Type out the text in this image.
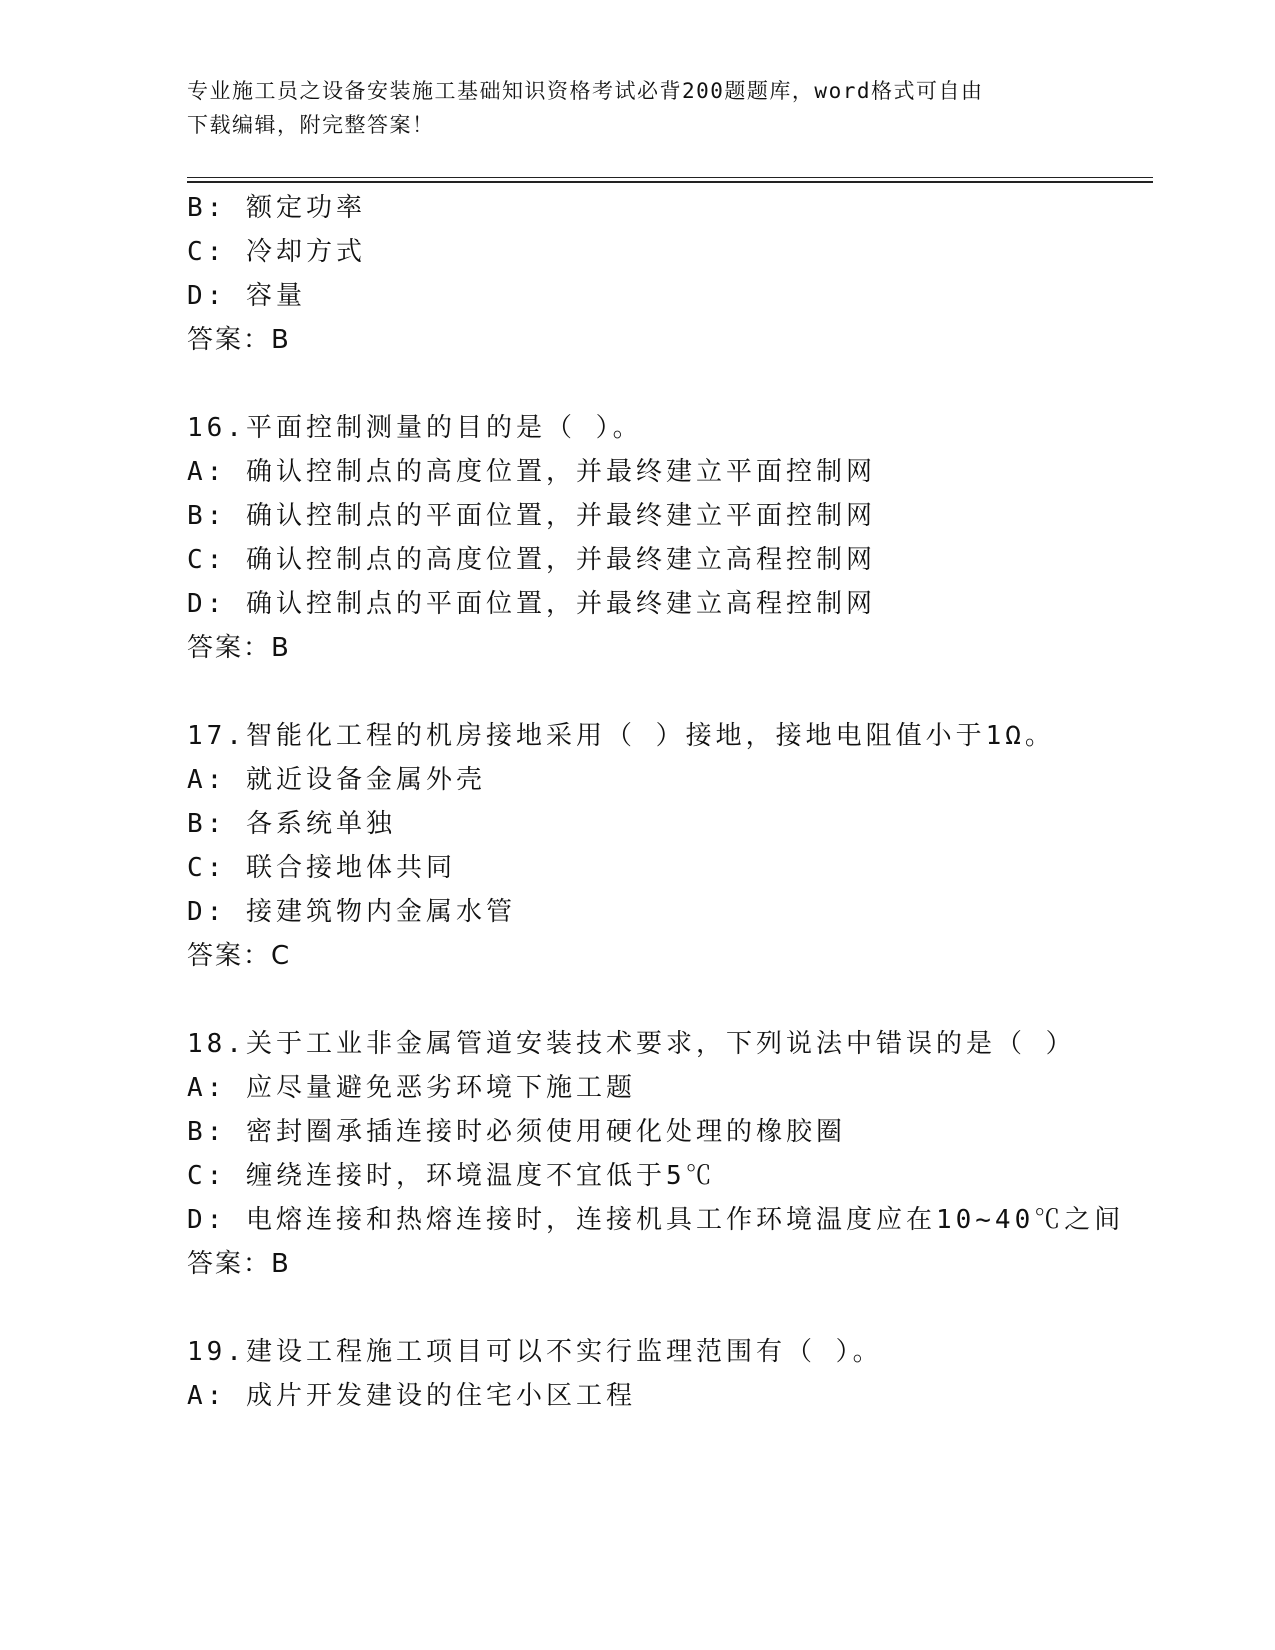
专业施工员之设备安装施工基础知识资格考试必背200题题库，word格式可自由
下载编辑，附完整答案！
B: 额定功率
C: 冷却方式
D: 容量
答案：B
16.平面控制测量的目的是（ ）。
A: 确认控制点的高度位置，并最终建立平面控制网
B: 确认控制点的平面位置，并最终建立平面控制网
C: 确认控制点的高度位置，并最终建立高程控制网
D: 确认控制点的平面位置，并最终建立高程控制网
答案：B
17.智能化工程的机房接地采用（ ）接地，接地电阻值小于1Ω。
A: 就近设备金属外壳
B: 各系统单独
C: 联合接地体共同
D: 接建筑物内金属水管
答案：C
18.关于工业非金属管道安装技术要求，下列说法中错误的是（ ）
A: 应尽量避免恶劣环境下施工题
B: 密封圈承插连接时必须使用硬化处理的橡胶圈
C: 缠绕连接时，环境温度不宜低于5℃
D: 电熔连接和热熔连接时，连接机具工作环境温度应在10~40℃之间
答案：B
19.建设工程施工项目可以不实行监理范围有（ ）。
A: 成片开发建设的住宅小区工程
